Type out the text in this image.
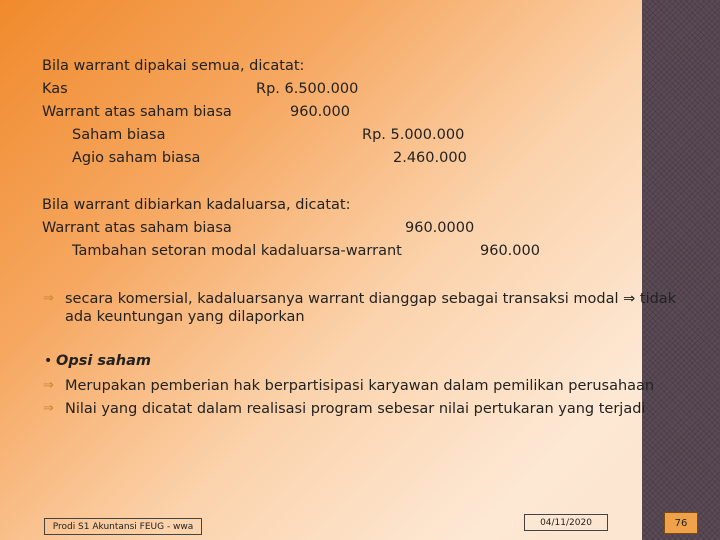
Bila warrant dipakai semua, dicatat:

Kas	Rp. 6.500.000

Warrant atas saham biasa	960.000

Saham biasa	Rp. 5.000.000

Agio saham biasa	2.460.000

Bila warrant dibiarkan kadaluarsa, dicatat:

Warrant atas saham biasa	960.0000

Tambahan setoran modal kadaluarsa-warrant	960.000

⇒ secara komersial, kadaluarsanya warrant dianggap sebagai transaksi modal ⇒ tidak

ada keuntungan yang dilaporkan

• Opsi saham

⇒ Merupakan pemberian hak berpartisipasi karyawan dalam pemilikan perusahaan

⇒ Nilai yang dicatat dalam realisasi program sebesar nilai pertukaran yang terjadi

Prodi S1 Akuntansi FEUG - wwa	04/11/2020	76
